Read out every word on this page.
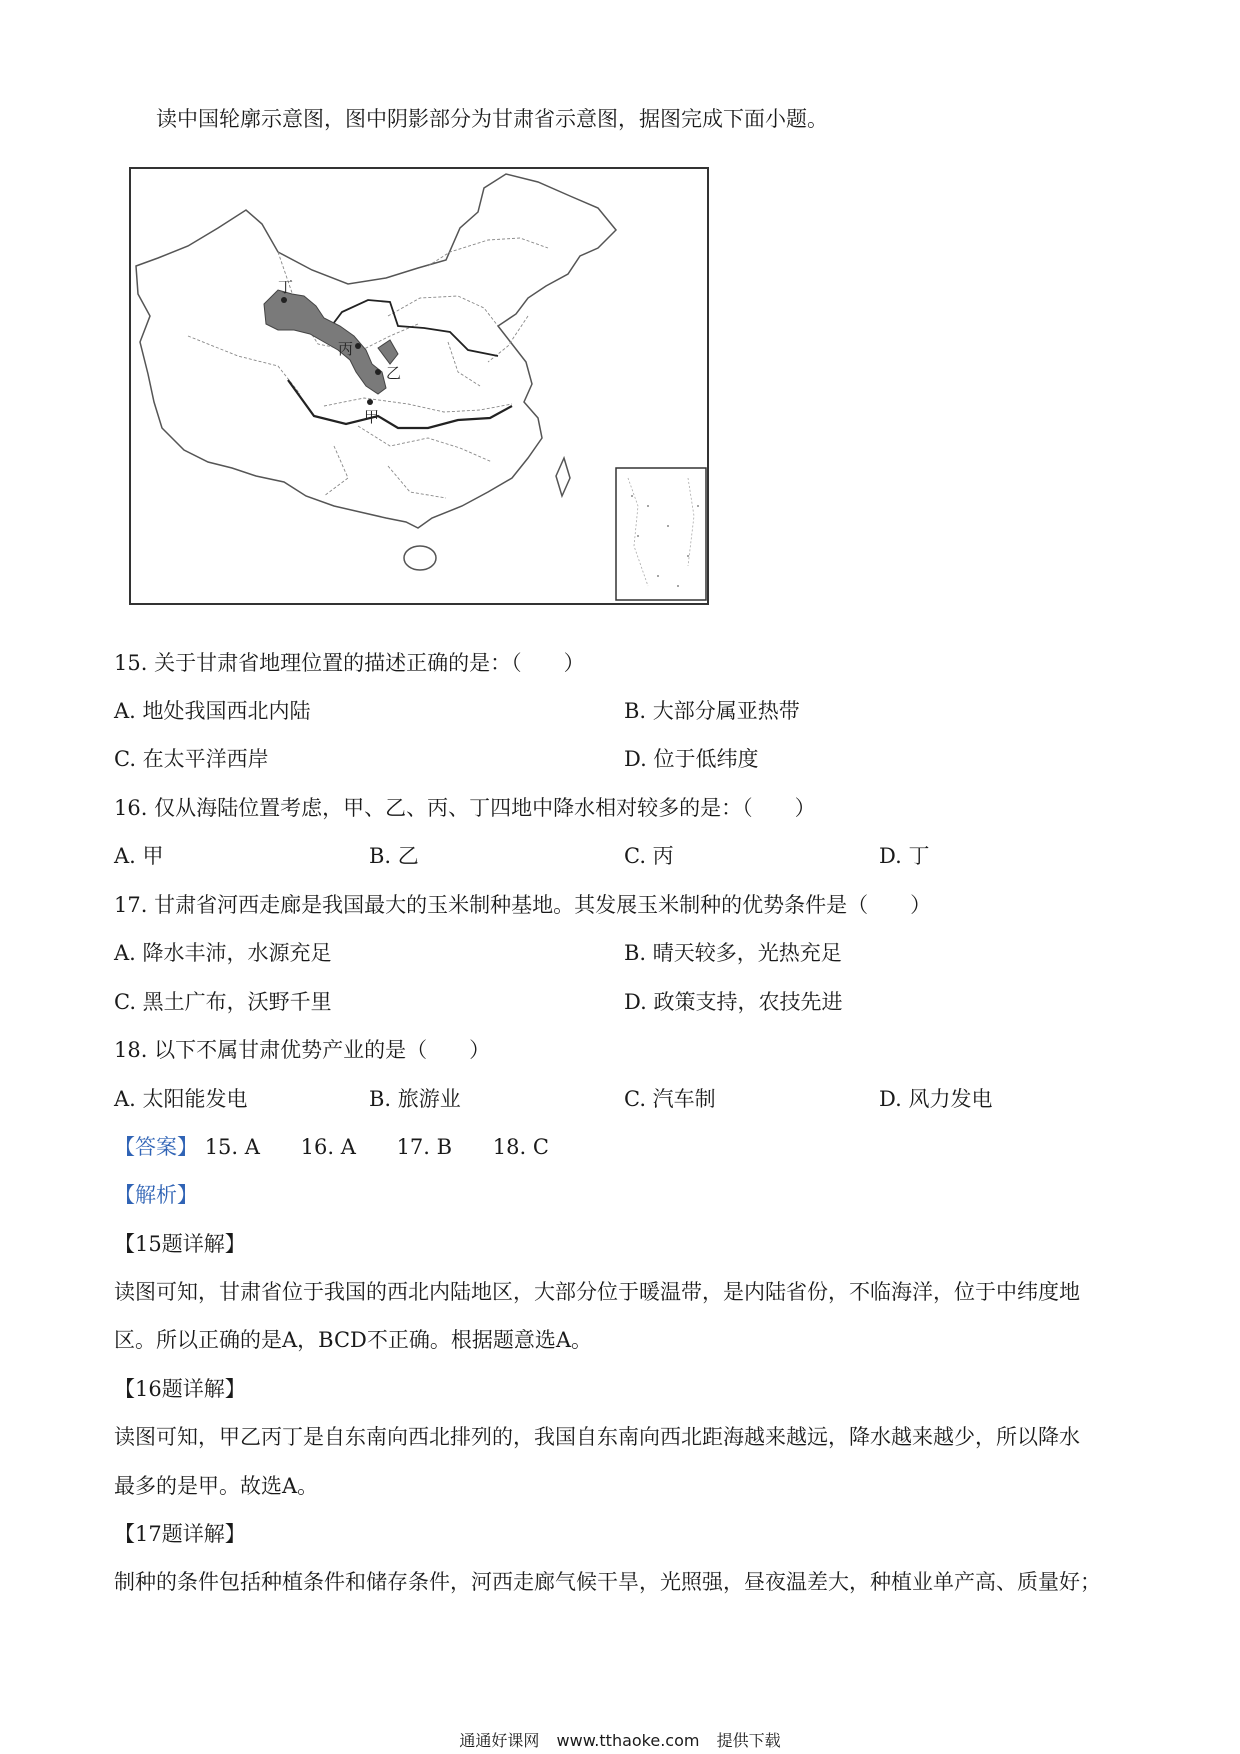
读中国轮廓示意图，图中阴影部分为甘肃省示意图，据图完成下面小题。
丁
丙
乙
甲
15. 关于甘肃省地理位置的描述正确的是：（　　）
A. 地处我国西北内陆	B. 大部分属亚热带
C. 在太平洋西岸	D. 位于低纬度
16. 仅从海陆位置考虑，甲、乙、丙、丁四地中降水相对较多的是：（　　）
A. 甲	B. 乙	C. 丙	D. 丁
17. 甘肃省河西走廊是我国最大的玉米制种基地。其发展玉米制种的优势条件是（　　）
A. 降水丰沛，水源充足	B. 晴天较多，光热充足
C. 黑土广布，沃野千里	D. 政策支持，农技先进
18. 以下不属甘肃优势产业的是（　　）
A. 太阳能发电	B. 旅游业	C. 汽车制	D. 风力发电
【答案】 15. A 16. A 17. B 18. C
【解析】
【15题详解】
读图可知，甘肃省位于我国的西北内陆地区，大部分位于暖温带，是内陆省份，不临海洋，位于中纬度地
区。所以正确的是A，BCD不正确。根据题意选A。
【16题详解】
读图可知，甲乙丙丁是自东南向西北排列的，我国自东南向西北距海越来越远，降水越来越少，所以降水
最多的是甲。故选A。
【17题详解】
制种的条件包括种植条件和储存条件，河西走廊气候干旱，光照强，昼夜温差大，种植业单产高、质量好；
通通好课网 www.tthaoke.com 提供下载
